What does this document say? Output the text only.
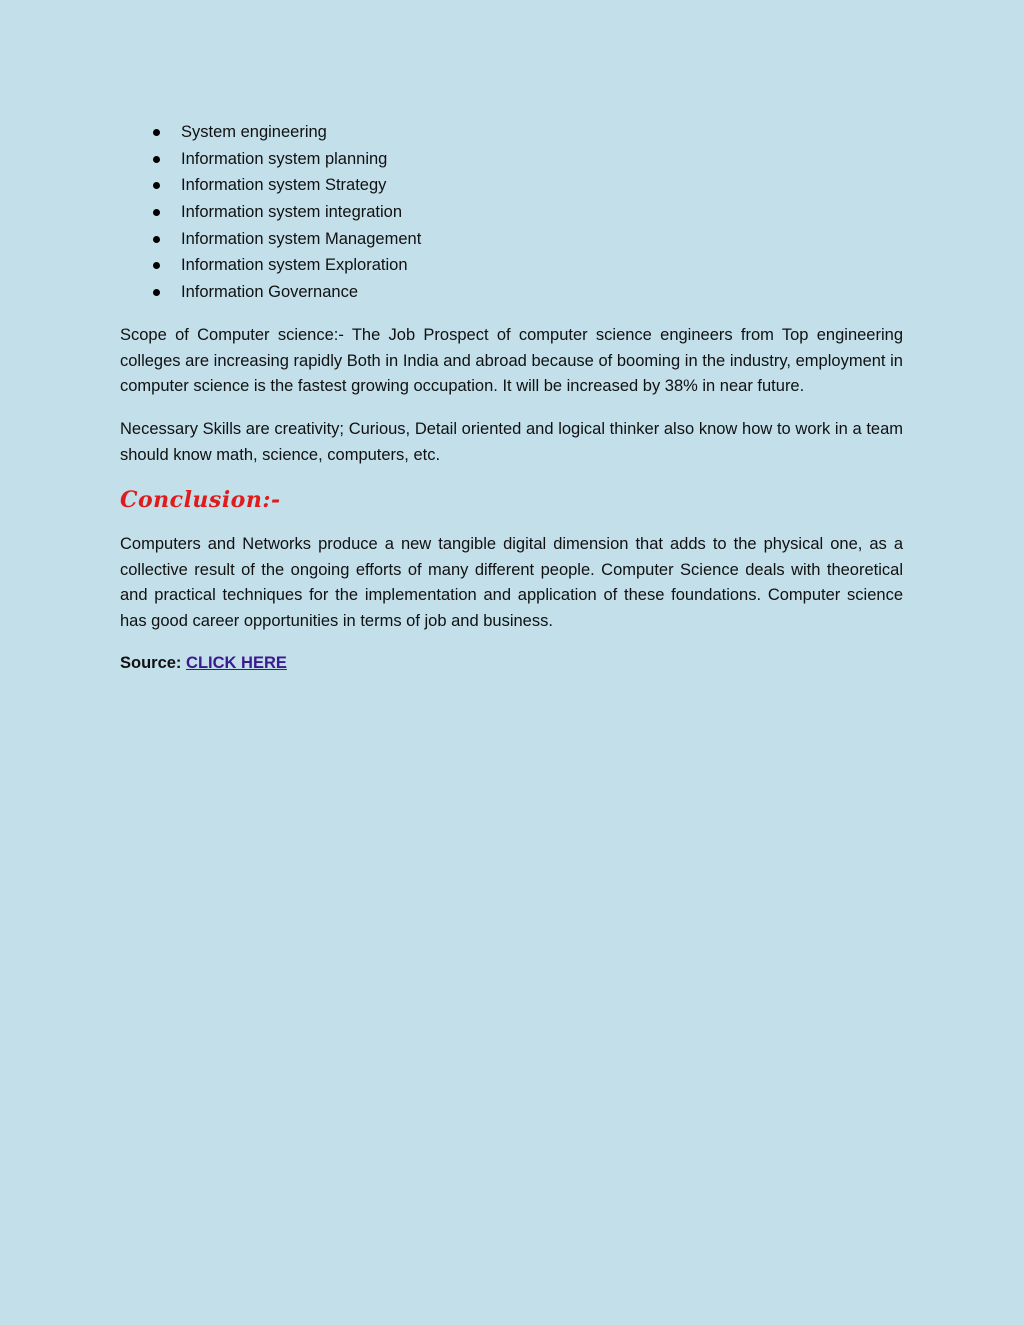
System engineering
Information system planning
Information system Strategy
Information system integration
Information system Management
Information system Exploration
Information Governance

Scope of Computer science:- The Job Prospect of computer science engineers from Top engineering colleges are increasing rapidly Both in India and abroad because of booming in the industry, employment in computer science is the fastest growing occupation. It will be increased by 38% in near future.

Necessary Skills are creativity; Curious, Detail oriented and logical thinker also know how to work in a team should know math, science, computers, etc.

Conclusion:-

Computers and Networks produce a new tangible digital dimension that adds to the physical one, as a collective result of the ongoing efforts of many different people. Computer Science deals with theoretical and practical techniques for the implementation and application of these foundations. Computer science has good career opportunities in terms of job and business.

Source: CLICK HERE
